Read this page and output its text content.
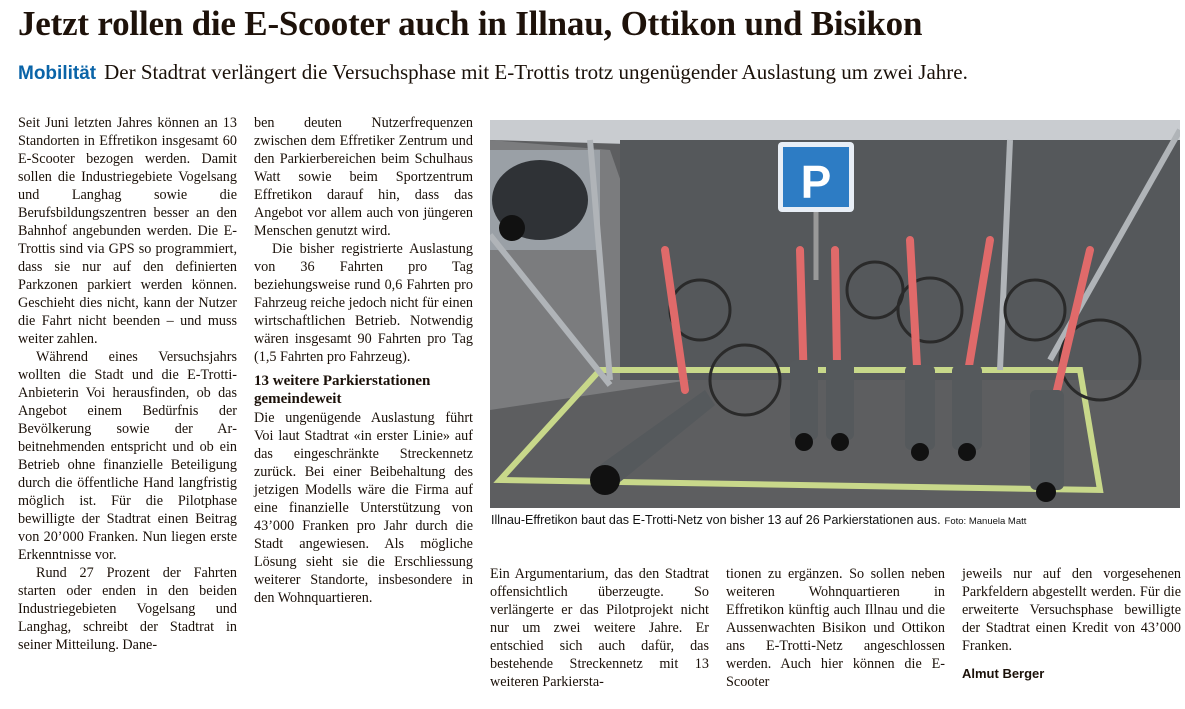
Jetzt rollen die E-Scooter auch in Illnau, Ottikon und Bisikon
Mobilität Der Stadtrat verlängert die Versuchsphase mit E-Trottis trotz ungenügender Auslastung um zwei Jahre.

Seit Juni letzten Jahres können an 13 Standorten in Effretikon insgesamt 60 E-Scooter bezogen werden. Damit sollen die Industriegebiete Vogelsang und Langhag sowie die Berufsbildungszentren besser an den Bahnhof angebunden werden. Die E-Trottis sind via GPS so programmiert, dass sie nur auf den definierten Parkzonen parkiert werden können. Geschieht dies nicht, kann der Nutzer die Fahrt nicht beenden – und muss weiter zahlen.

Während eines Versuchsjahrs wollten die Stadt und die E-Trotti-Anbieterin Voi herausfinden, ob das Angebot einem Bedürfnis der Bevölkerung sowie der Arbeitnehmenden entspricht und ob ein Betrieb ohne finanzielle Beteiligung durch die öffentliche Hand langfristig möglich ist. Für die Pilotphase bewilligte der Stadtrat einen Beitrag von 20’000 Franken. Nun liegen erste Erkenntnisse vor.

Rund 27 Prozent der Fahrten starten oder enden in den beiden Industriegebieten Vogelsang und Langhag, schreibt der Stadtrat in seiner Mitteilung. Dane-

ben deuten Nutzerfrequenzen zwischen dem Effretiker Zentrum und den Parkierbereichen beim Schulhaus Watt sowie beim Sportzentrum Effretikon darauf hin, dass das Angebot vor allem auch von jüngeren Menschen genutzt wird.

Die bisher registrierte Auslastung von 36 Fahrten pro Tag beziehungsweise rund 0,6 Fahrten pro Fahrzeug reiche jedoch nicht für einen wirtschaftlichen Betrieb. Notwendig wären insgesamt 90 Fahrten pro Tag (1,5 Fahrten pro Fahrzeug).

13 weitere Parkierstationen gemeindeweit

Die ungenügende Auslastung führt Voi laut Stadtrat «in erster Linie» auf das eingeschränkte Streckennetz zurück. Bei einer Beibehaltung des jetzigen Modells wäre die Firma auf eine finanzielle Unterstützung von 43’000 Franken pro Jahr durch die Stadt angewiesen. Als mögliche Lösung sieht sie die Erschliessung weiterer Standorte, insbesondere in den Wohnquartieren.

P
Illnau-Effretikon baut das E-Trotti-Netz von bisher 13 auf 26 Parkierstationen aus. Foto: Manuela Matt

Ein Argumentarium, das den Stadtrat offensichtlich überzeugte. So verlängerte er das Pilotprojekt nicht nur um zwei weitere Jahre. Er entschied sich auch dafür, das bestehende Streckennetz mit 13 weiteren Parkiersta-

tionen zu ergänzen. So sollen neben weiteren Wohnquartieren in Effretikon künftig auch Illnau und die Aussenwachten Bisikon und Ottikon ans E-Trotti-Netz angeschlossen werden. Auch hier können die E-Scooter

jeweils nur auf den vorgesehenen Parkfeldern abgestellt werden. Für die erweiterte Versuchsphase bewilligte der Stadtrat einen Kredit von 43’000 Franken.

Almut Berger
